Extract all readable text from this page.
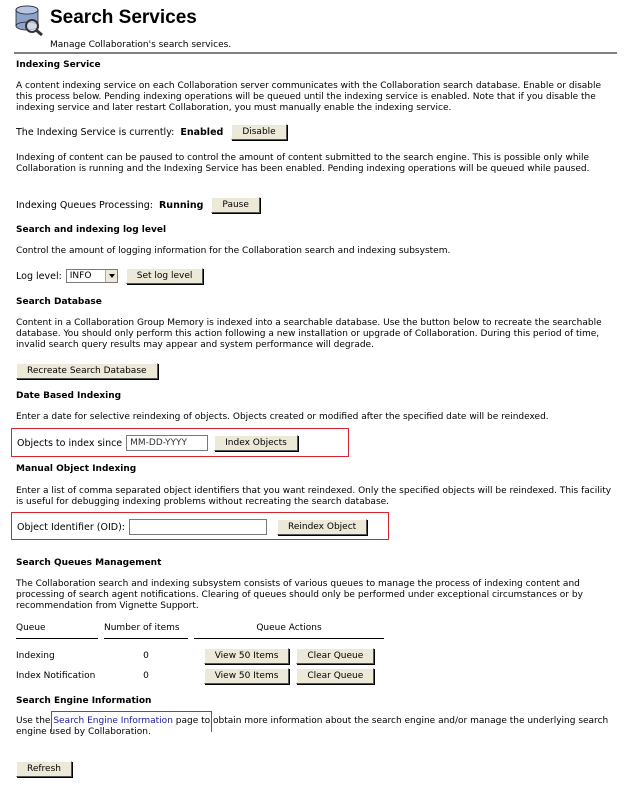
Search Services
Manage Collaboration's search services.
Indexing Service
A content indexing service on each Collaboration server communicates with the Collaboration search database. Enable or disable this process below. Pending indexing operations will be queued until the indexing service is enabled. Note that if you disable the indexing service and later restart Collaboration, you must manually enable the indexing service.
The Indexing Service is currently: Enabled	Disable
Indexing of content can be paused to control the amount of content submitted to the search engine. This is possible only while Collaboration is running and the Indexing Service has been enabled. Pending indexing operations will be queued while paused.
Indexing Queues Processing: Running	Pause
Search and indexing log level
Control the amount of logging information for the Collaboration search and indexing subsystem.
Log level: INFO	Set log level
Search Database
Content in a Collaboration Group Memory is indexed into a searchable database. Use the button below to recreate the searchable database. You should only perform this action following a new installation or upgrade of Collaboration. During this period of time, invalid search query results may appear and system performance will degrade.
Recreate Search Database
Date Based Indexing
Enter a date for selective reindexing of objects. Objects created or modified after the specified date will be reindexed.
Objects to index since
MM-DD-YYYY	Index Objects
Manual Object Indexing
Enter a list of comma separated object identifiers that you want reindexed. Only the specified objects will be reindexed. This facility is useful for debugging indexing problems without recreating the search database.
Object Identifier (OID):	Reindex Object
Search Queues Management
The Collaboration search and indexing subsystem consists of various queues to manage the process of indexing content and processing of search agent notifications. Clearing of queues should only be performed under exceptional circumstances or by recommendation from Vignette Support.
Queue		Number of items		Queue Actions

Indexing		0		View 50 Items Clear Queue
Index Notification		0		View 50 Items Clear Queue
Search Engine Information
Use the Search Engine Information page to obtain more information about the search engine and/or manage the underlying search engine used by Collaboration.
Refresh
